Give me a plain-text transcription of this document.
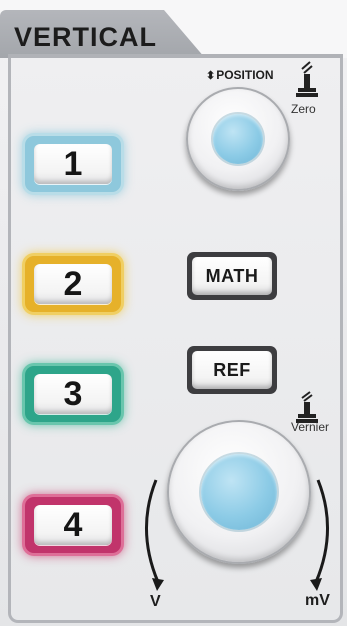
VERTICAL
1
2
3
4
MATH
REF
⬍POSITION
Zero
Vernier
V	mV
